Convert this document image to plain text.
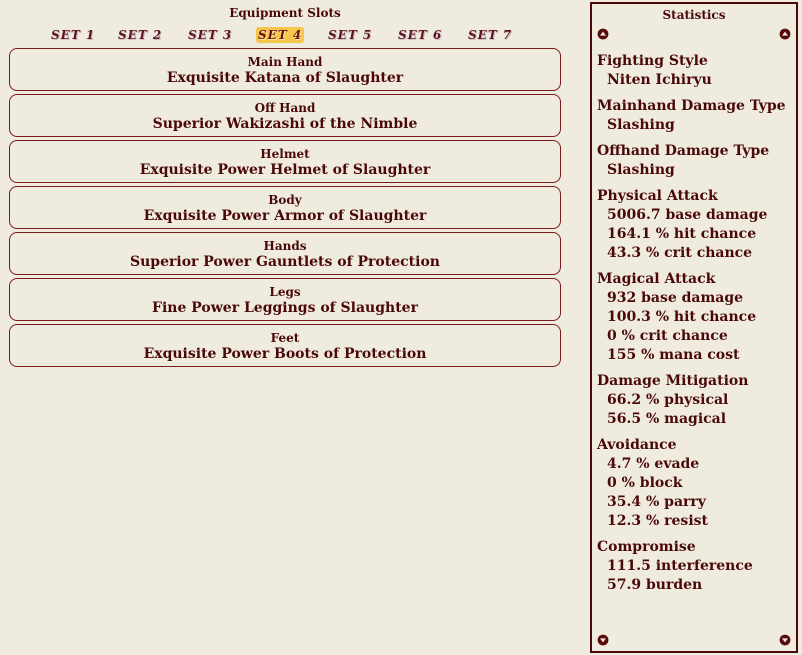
Equipment Slots
SET 1 SET 2 SET 3 SET 4 SET 5 SET 6 SET 7
Main Hand
Exquisite Katana of Slaughter
Off Hand
Superior Wakizashi of the Nimble
Helmet
Exquisite Power Helmet of Slaughter
Body
Exquisite Power Armor of Slaughter
Hands
Superior Power Gauntlets of Protection
Legs
Fine Power Leggings of Slaughter
Feet
Exquisite Power Boots of Protection
Statistics
Fighting Style
Niten Ichiryu
Mainhand Damage Type
Slashing
Offhand Damage Type
Slashing
Physical Attack
5006.7 base damage
164.1 % hit chance
43.3 % crit chance
Magical Attack
932 base damage
100.3 % hit chance
0 % crit chance
155 % mana cost
Damage Mitigation
66.2 % physical
56.5 % magical
Avoidance
4.7 % evade
0 % block
35.4 % parry
12.3 % resist
Compromise
111.5 interference
57.9 burden
